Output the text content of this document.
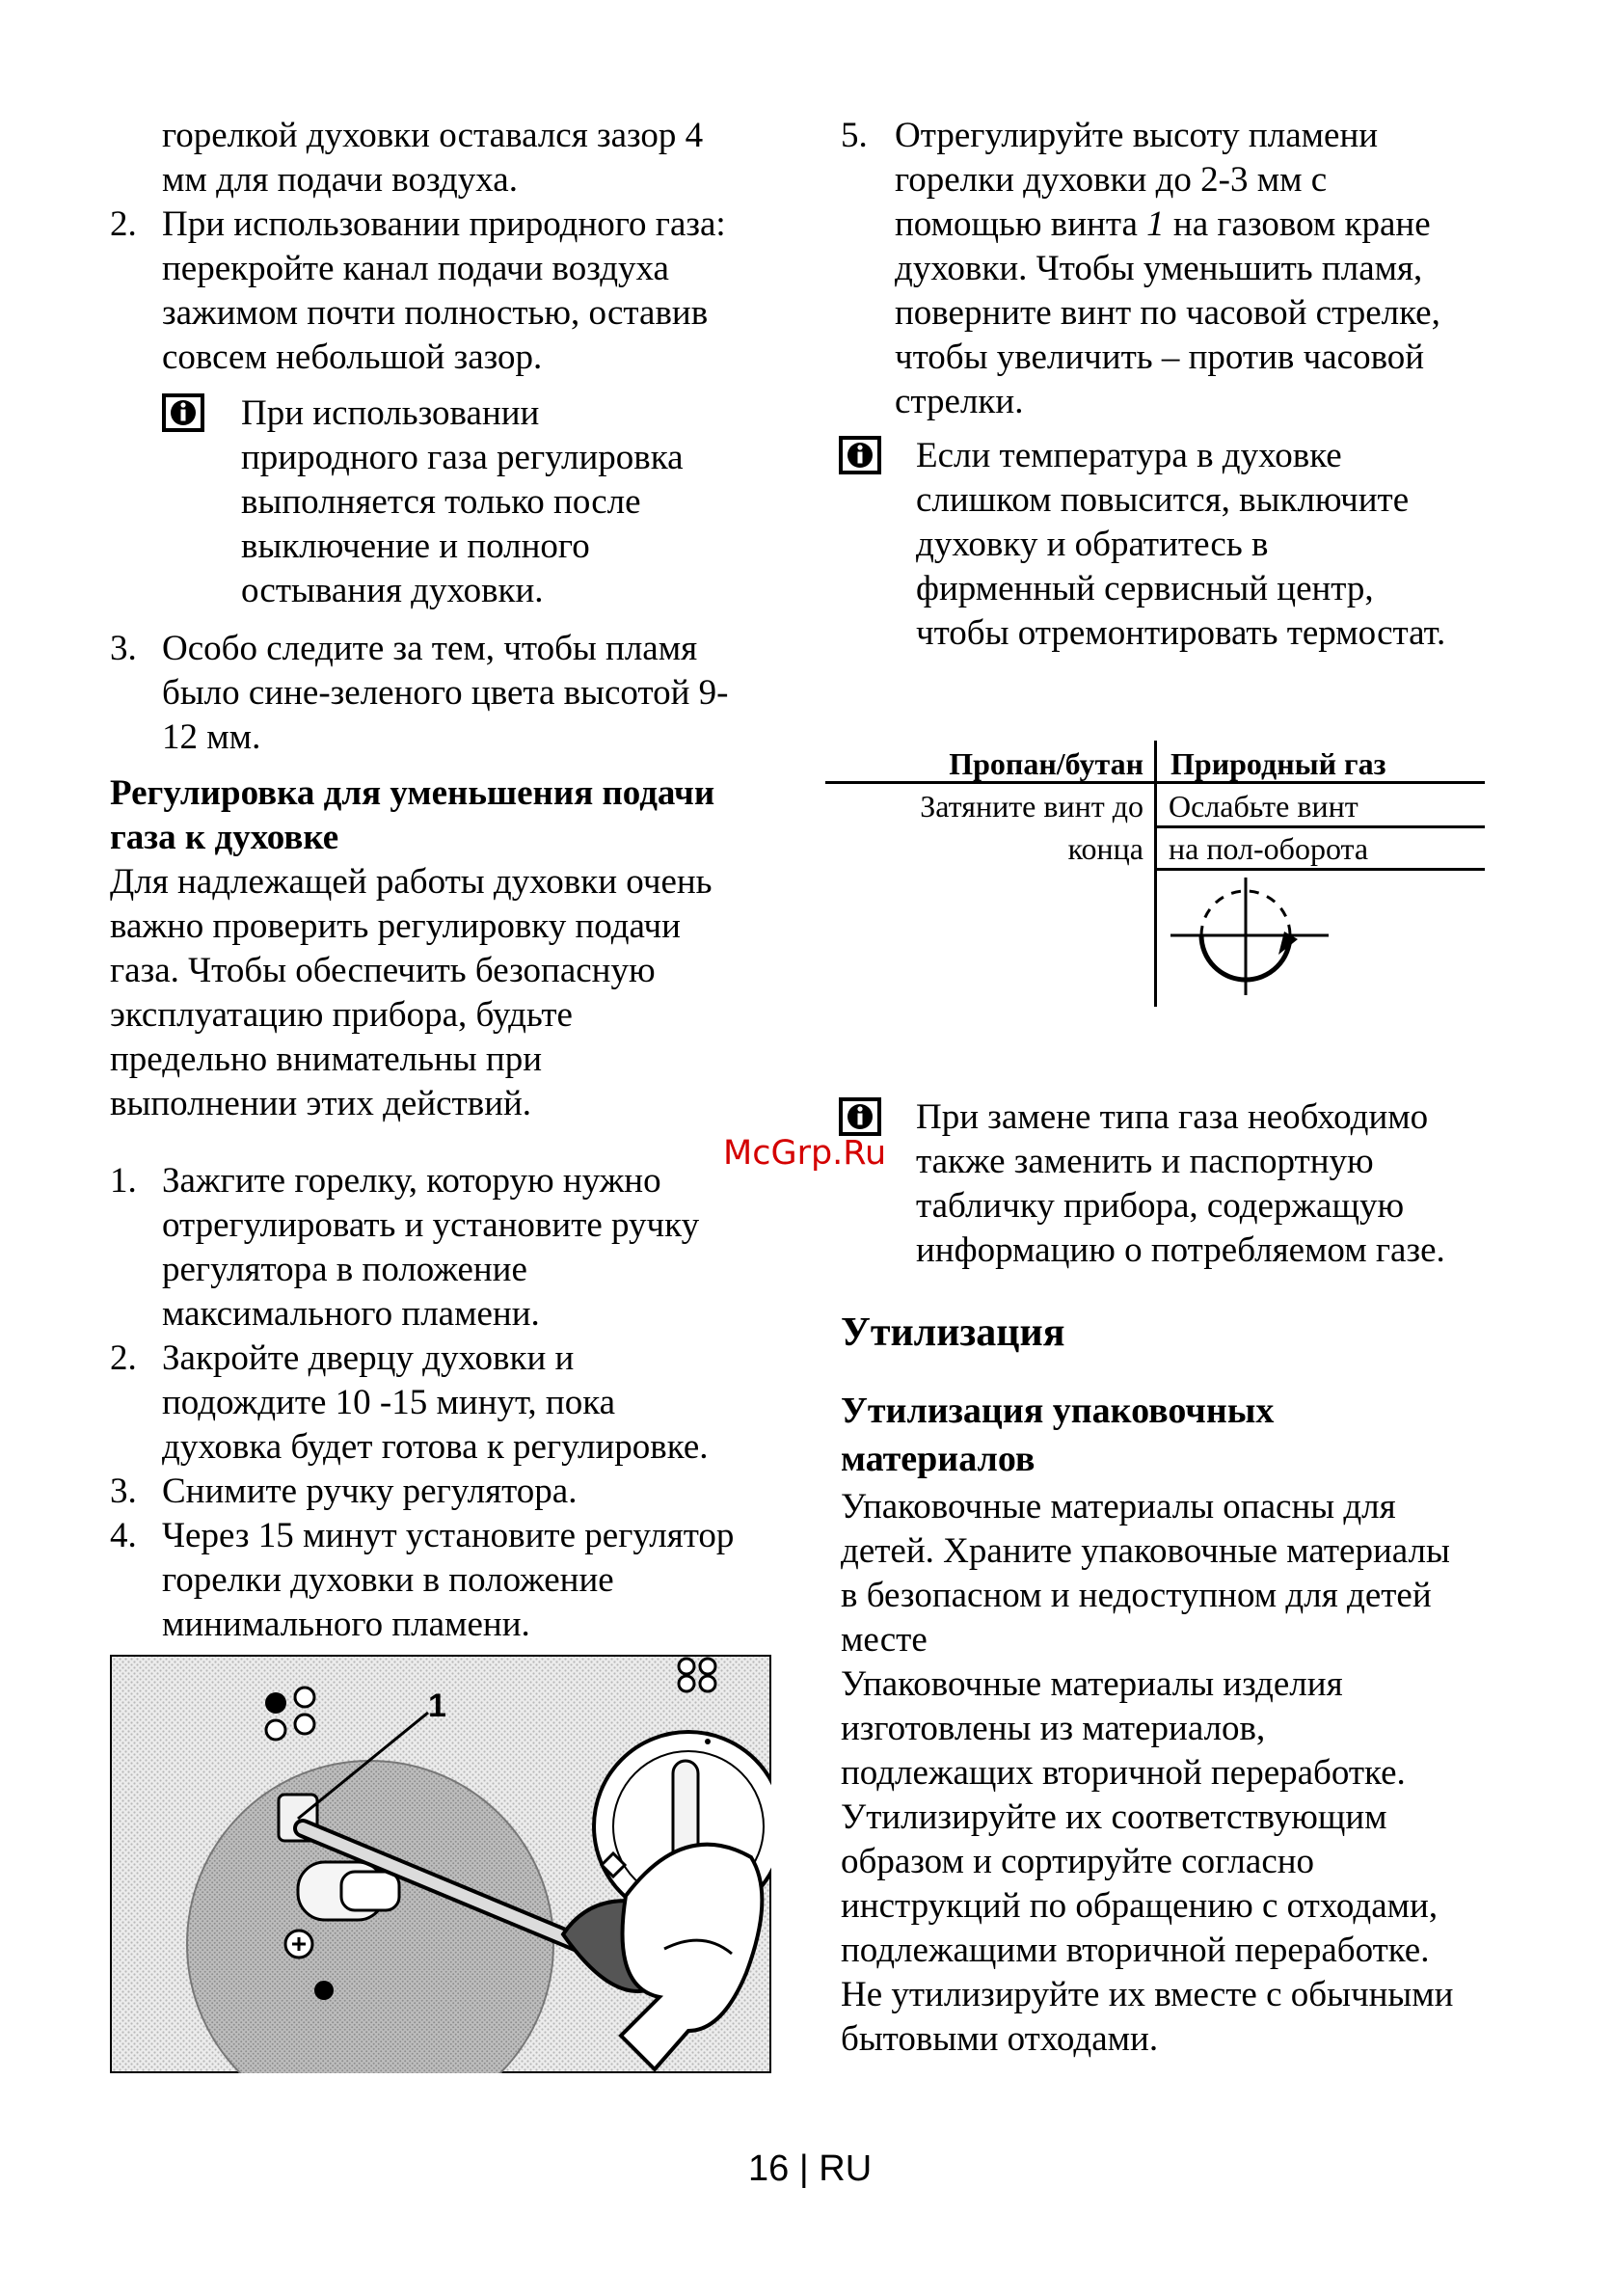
горелкой духовки оставался зазор 4
мм для подачи воздуха.
2. При использовании природного газа:
перекройте канал подачи воздуха
зажимом почти полностью, оставив
совсем небольшой зазор.
При использовании
природного газа регулировка
выполняется только после
выключение и полного
остывания духовки.
3. Особо следите за тем, чтобы пламя
было сине-зеленого цвета высотой 9-
12 мм.
Регулировка для уменьшения подачи
газа к духовке
Для надлежащей работы духовки очень
важно проверить регулировку подачи
газа. Чтобы обеспечить безопасную
эксплуатацию прибора, будьте
предельно внимательны при
выполнении этих действий.
1. Зажгите горелку, которую нужно
отрегулировать и установите ручку
регулятора в положение
максимального пламени.
2. Закройте дверцу духовки и
подождите 10 -15 минут, пока
духовка будет готова к регулировке.
3. Снимите ручку регулятора.
4. Через 15 минут установите регулятор
горелки духовки в положение
минимального пламени.
1
5. Отрегулируйте высоту пламени
горелки духовки до 2-3 мм с
помощью винта 1 на газовом кране
духовки. Чтобы уменьшить пламя,
поверните винт по часовой стрелке,
чтобы увеличить – против часовой
стрелки.
Если температура в духовке
слишком повысится, выключите
духовку и обратитесь в
фирменный сервисный центр,
чтобы отремонтировать термостат.
Пропан/бутан Природный газ
Затяните винт до
конца
Ослабьте винт
на пол-оборота
При замене типа газа необходимо
также заменить и паспортную
табличку прибора, содержащую
информацию о потребляемом газе.
Утилизация
Утилизация упаковочных
материалов
Упаковочные материалы опасны для
детей. Храните упаковочные материалы
в безопасном и недоступном для детей
месте
Упаковочные материалы изделия
изготовлены из материалов,
подлежащих вторичной переработке.
Утилизируйте их соответствующим
образом и сортируйте согласно
инструкций по обращению с отходами,
подлежащими вторичной переработке.
Не утилизируйте их вместе с обычными
бытовыми отходами.
McGrp.Ru
16 | RU
